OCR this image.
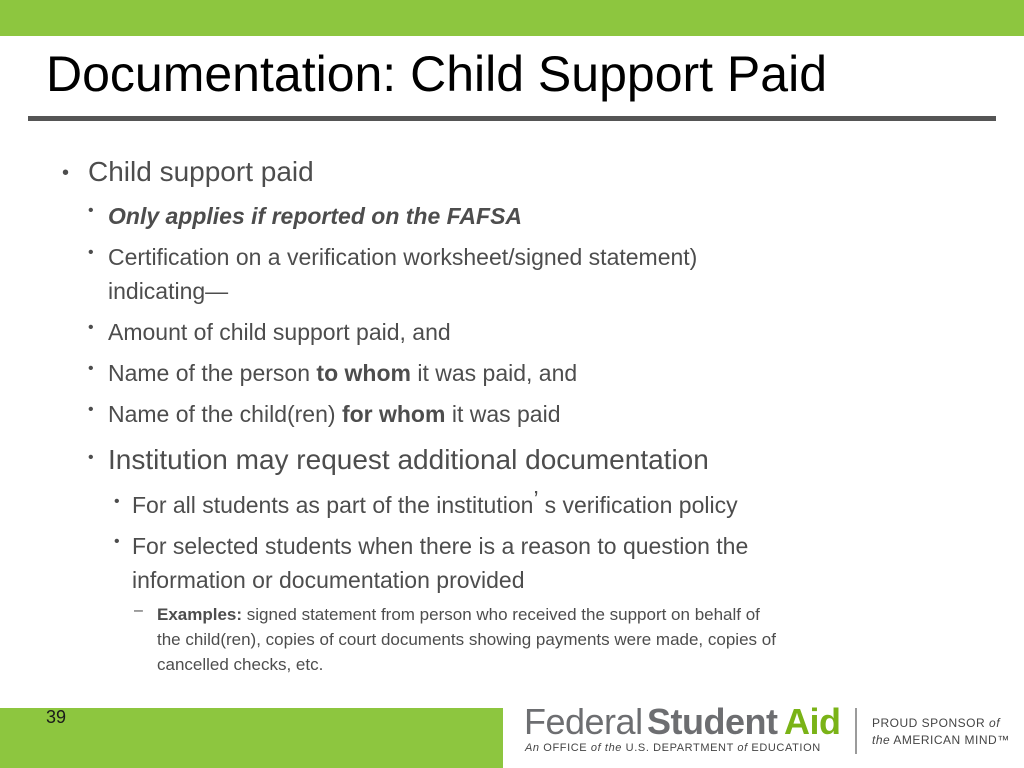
Documentation: Child Support Paid
• Child support paid
• Only applies if reported on the FAFSA
• Certification on a verification worksheet/signed statement)
indicating—
• Amount of child support paid, and
• Name of the person to whom it was paid, and
• Name of the child(ren) for whom it was paid
• Institution may request additional documentation
• For all students as part of the institution’ s verification policy
• For selected students when there is a reason to question the
information or documentation provided
– Examples: signed statement from person who received the support on behalf of
the child(ren), copies of court documents showing payments were made, copies of
cancelled checks, etc.
39	Federal Student Aid
An OFFICE of the U.S. DEPARTMENT of EDUCATION
PROUD SPONSOR of
the AMERICAN MIND™
